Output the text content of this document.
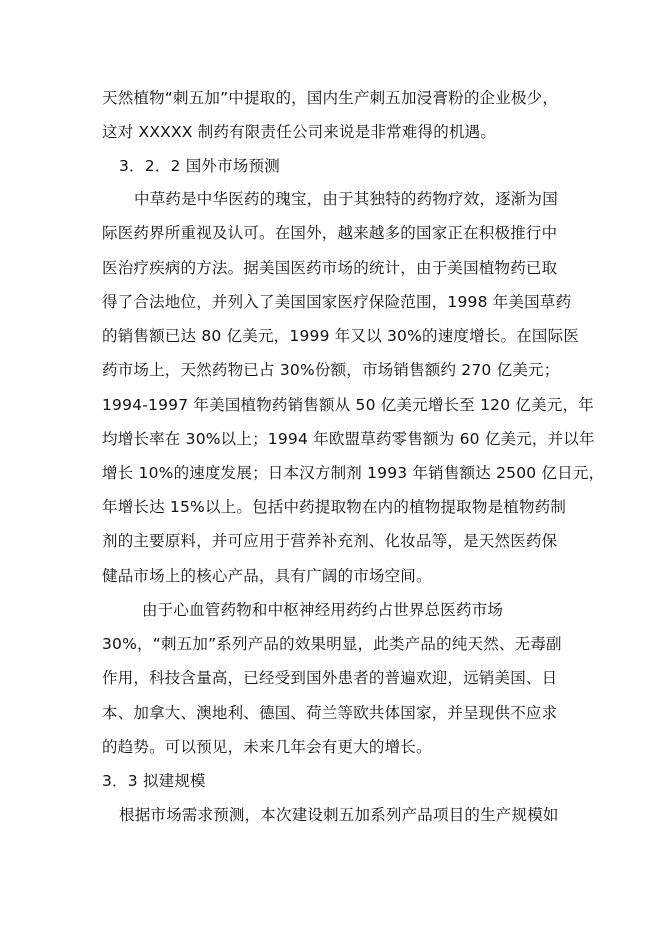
天然植物“刺五加”中提取的，国内生产刺五加浸膏粉的企业极少，
这对 XXXXX 制药有限责任公司来说是非常难得的机遇。
3．2．2 国外市场预测
中草药是中华医药的瑰宝，由于其独特的药物疗效，逐渐为国
际医药界所重视及认可。在国外，越来越多的国家正在积极推行中
医治疗疾病的方法。据美国医药市场的统计，由于美国植物药已取
得了合法地位，并列入了美国国家医疗保险范围，1998 年美国草药
的销售额已达 80 亿美元，1999 年又以 30%的速度增长。在国际医
药市场上，天然药物已占 30%份额，市场销售额约 270 亿美元；
1994-1997 年美国植物药销售额从 50 亿美元增长至 120 亿美元，年
均增长率在 30%以上；1994 年欧盟草药零售额为 60 亿美元，并以年
增长 10%的速度发展；日本汉方制剂 1993 年销售额达 2500 亿日元，
年增长达 15%以上。包括中药提取物在内的植物提取物是植物药制
剂的主要原料，并可应用于营养补充剂、化妆品等，是天然医药保
健品市场上的核心产品，具有广阔的市场空间。
由于心血管药物和中枢神经用药约占世界总医药市场
30%，“刺五加”系列产品的效果明显，此类产品的纯天然、无毒副
作用，科技含量高，已经受到国外患者的普遍欢迎，远销美国、日
本、加拿大、澳地利、德国、荷兰等欧共体国家，并呈现供不应求
的趋势。可以预见，未来几年会有更大的增长。
3．3 拟建规模
根据市场需求预测，本次建设刺五加系列产品项目的生产规模如
